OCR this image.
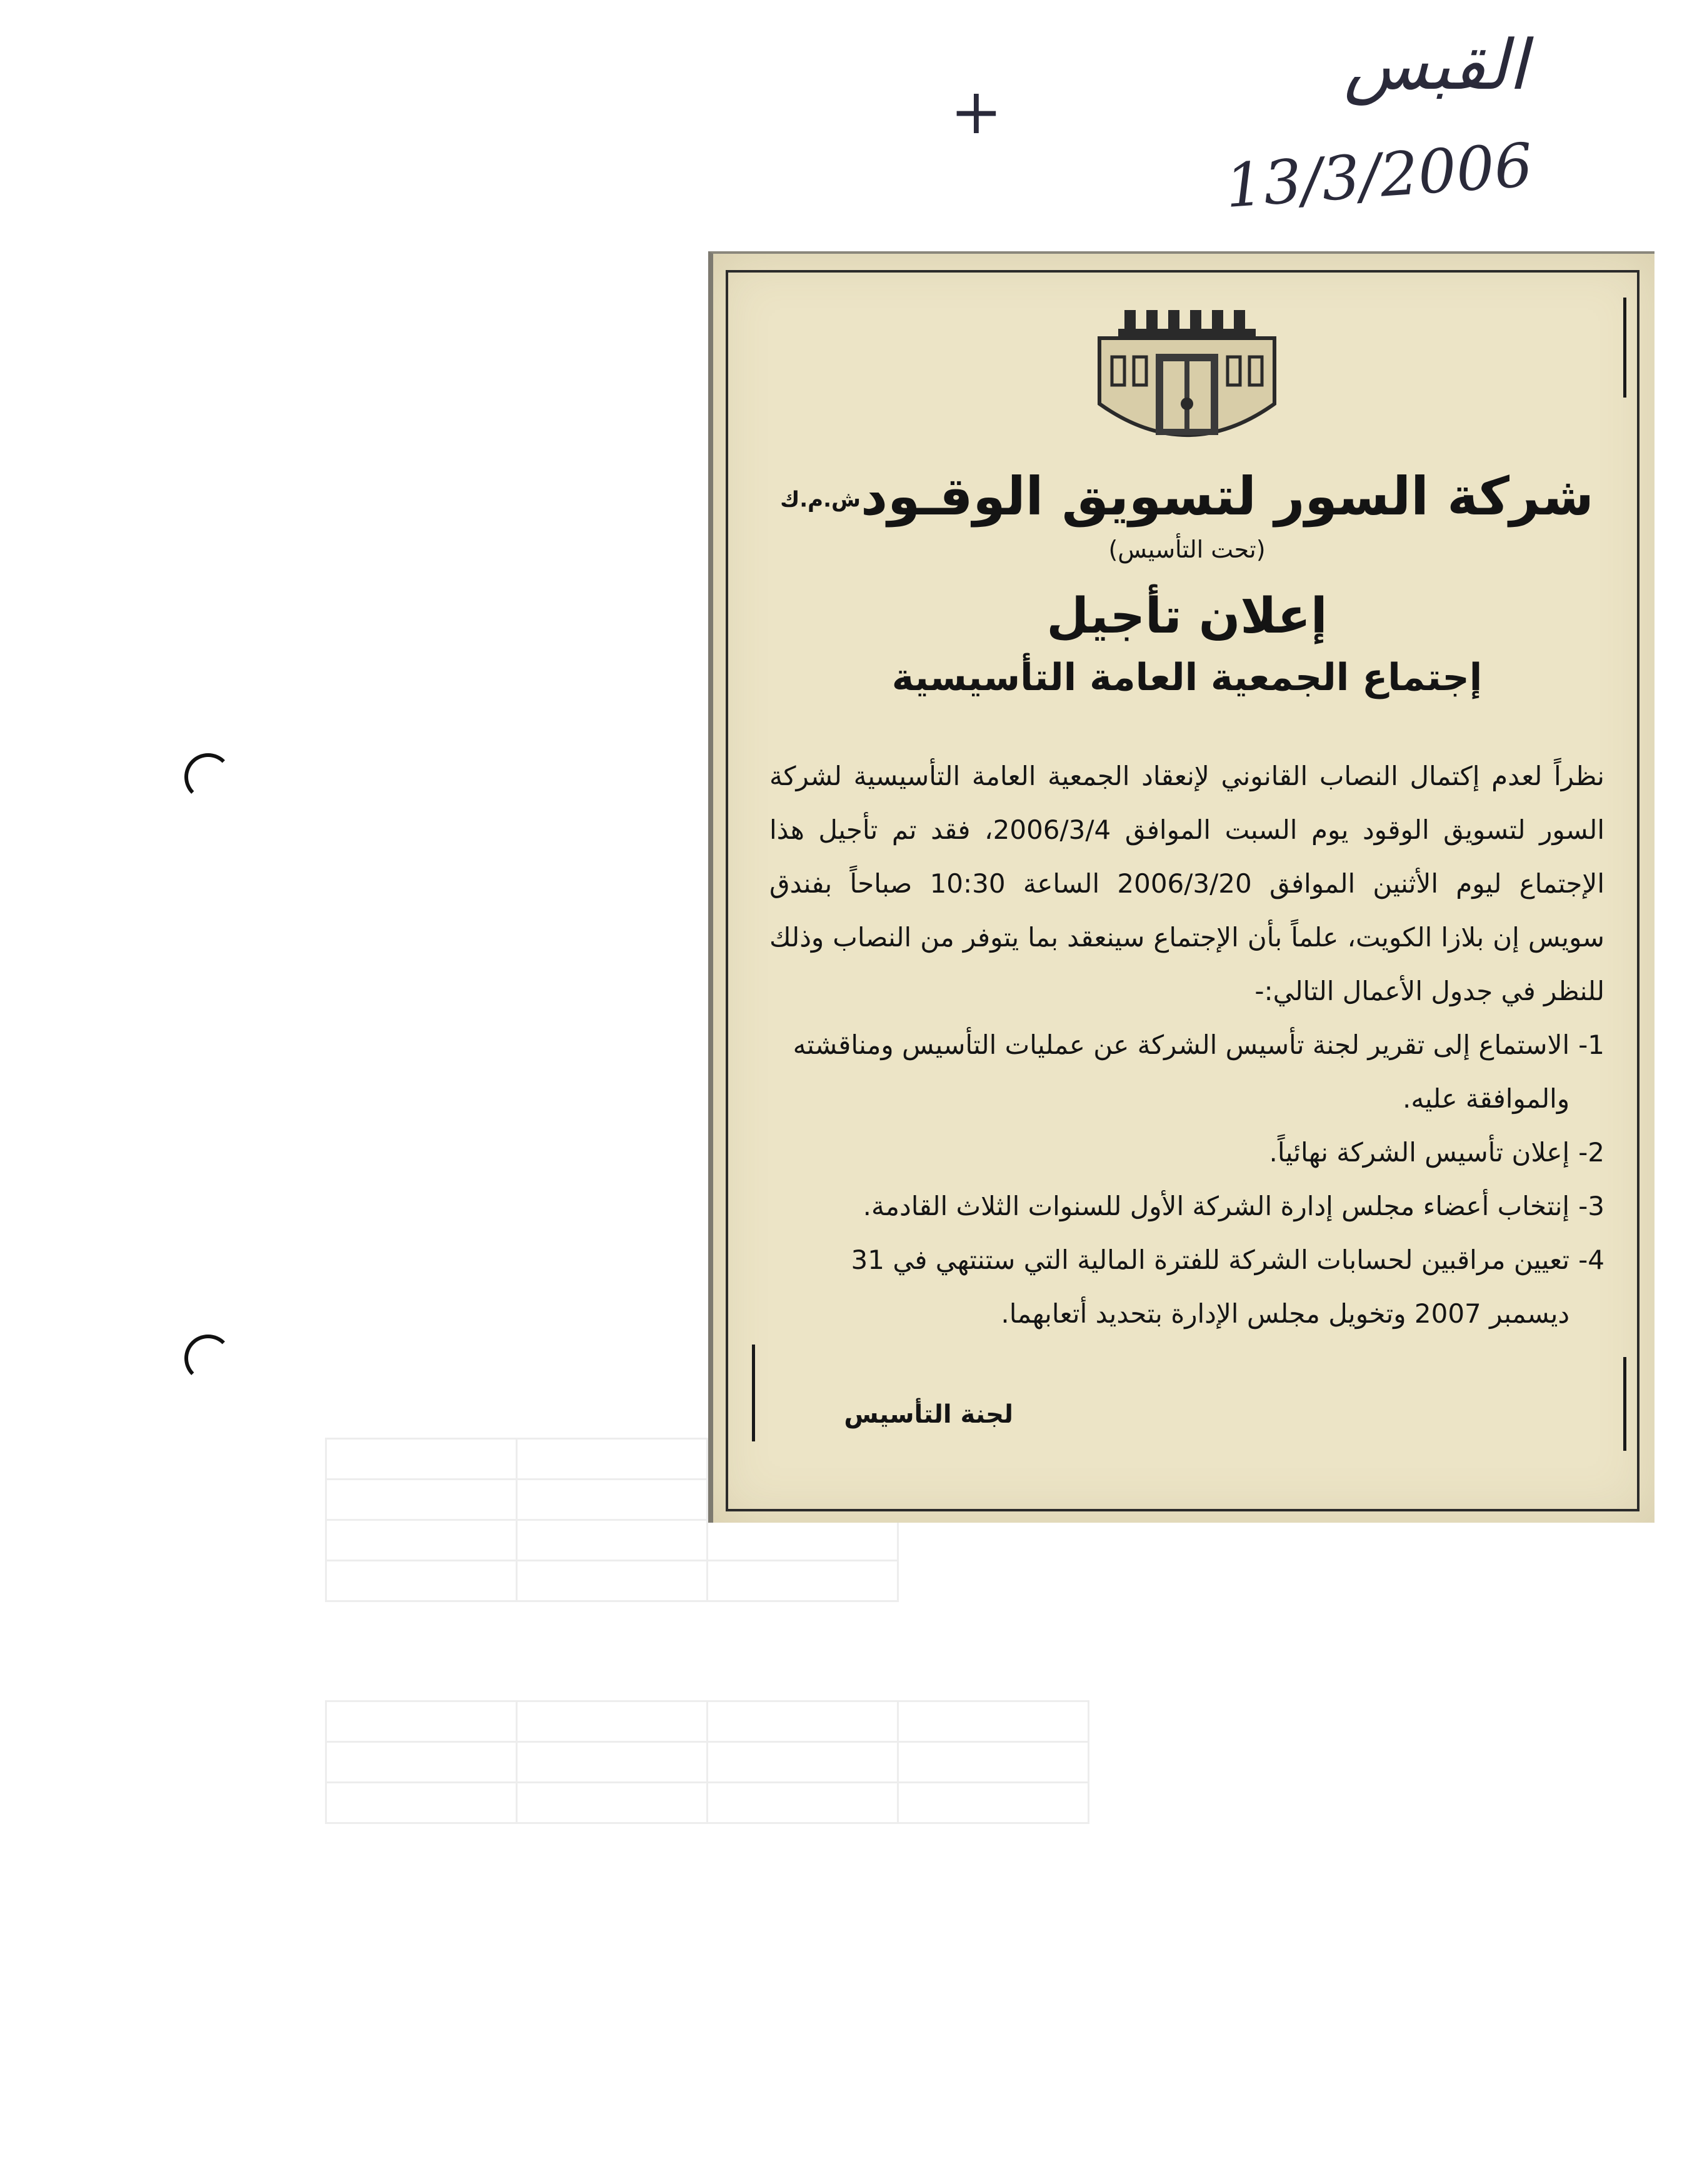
القبس
13/3/2006
+
شركة السور لتسويق الوقـودش.م.ك
(تحت التأسيس)
إعلان تأجيل
إجتماع الجمعية العامة التأسيسية
نظراً لعدم إكتمال النصاب القانوني لإنعقاد الجمعية العامة التأسيسية لشركة السور لتسويق الوقود يوم السبت الموافق 2006/3/4، فقد تم تأجيل هذا الإجتماع ليوم الأثنين الموافق 2006/3/20 الساعة 10:30 صباحاً بفندق سويس إن بلازا الكويت، علماً بأن الإجتماع سينعقد بما يتوفر من النصاب وذلك للنظر في جدول الأعمال التالي:-
1-
الاستماع إلى تقرير لجنة تأسيس الشركة عن عمليات التأسيس ومناقشته والموافقة عليه.
2-
إعلان تأسيس الشركة نهائياً.
3-
إنتخاب أعضاء مجلس إدارة الشركة الأول للسنوات الثلاث القادمة.
4-
تعيين مراقبين لحسابات الشركة للفترة المالية التي ستنتهي في 31 ديسمبر 2007 وتخويل مجلس الإدارة بتحديد أتعابهما.
لجنة التأسيس
